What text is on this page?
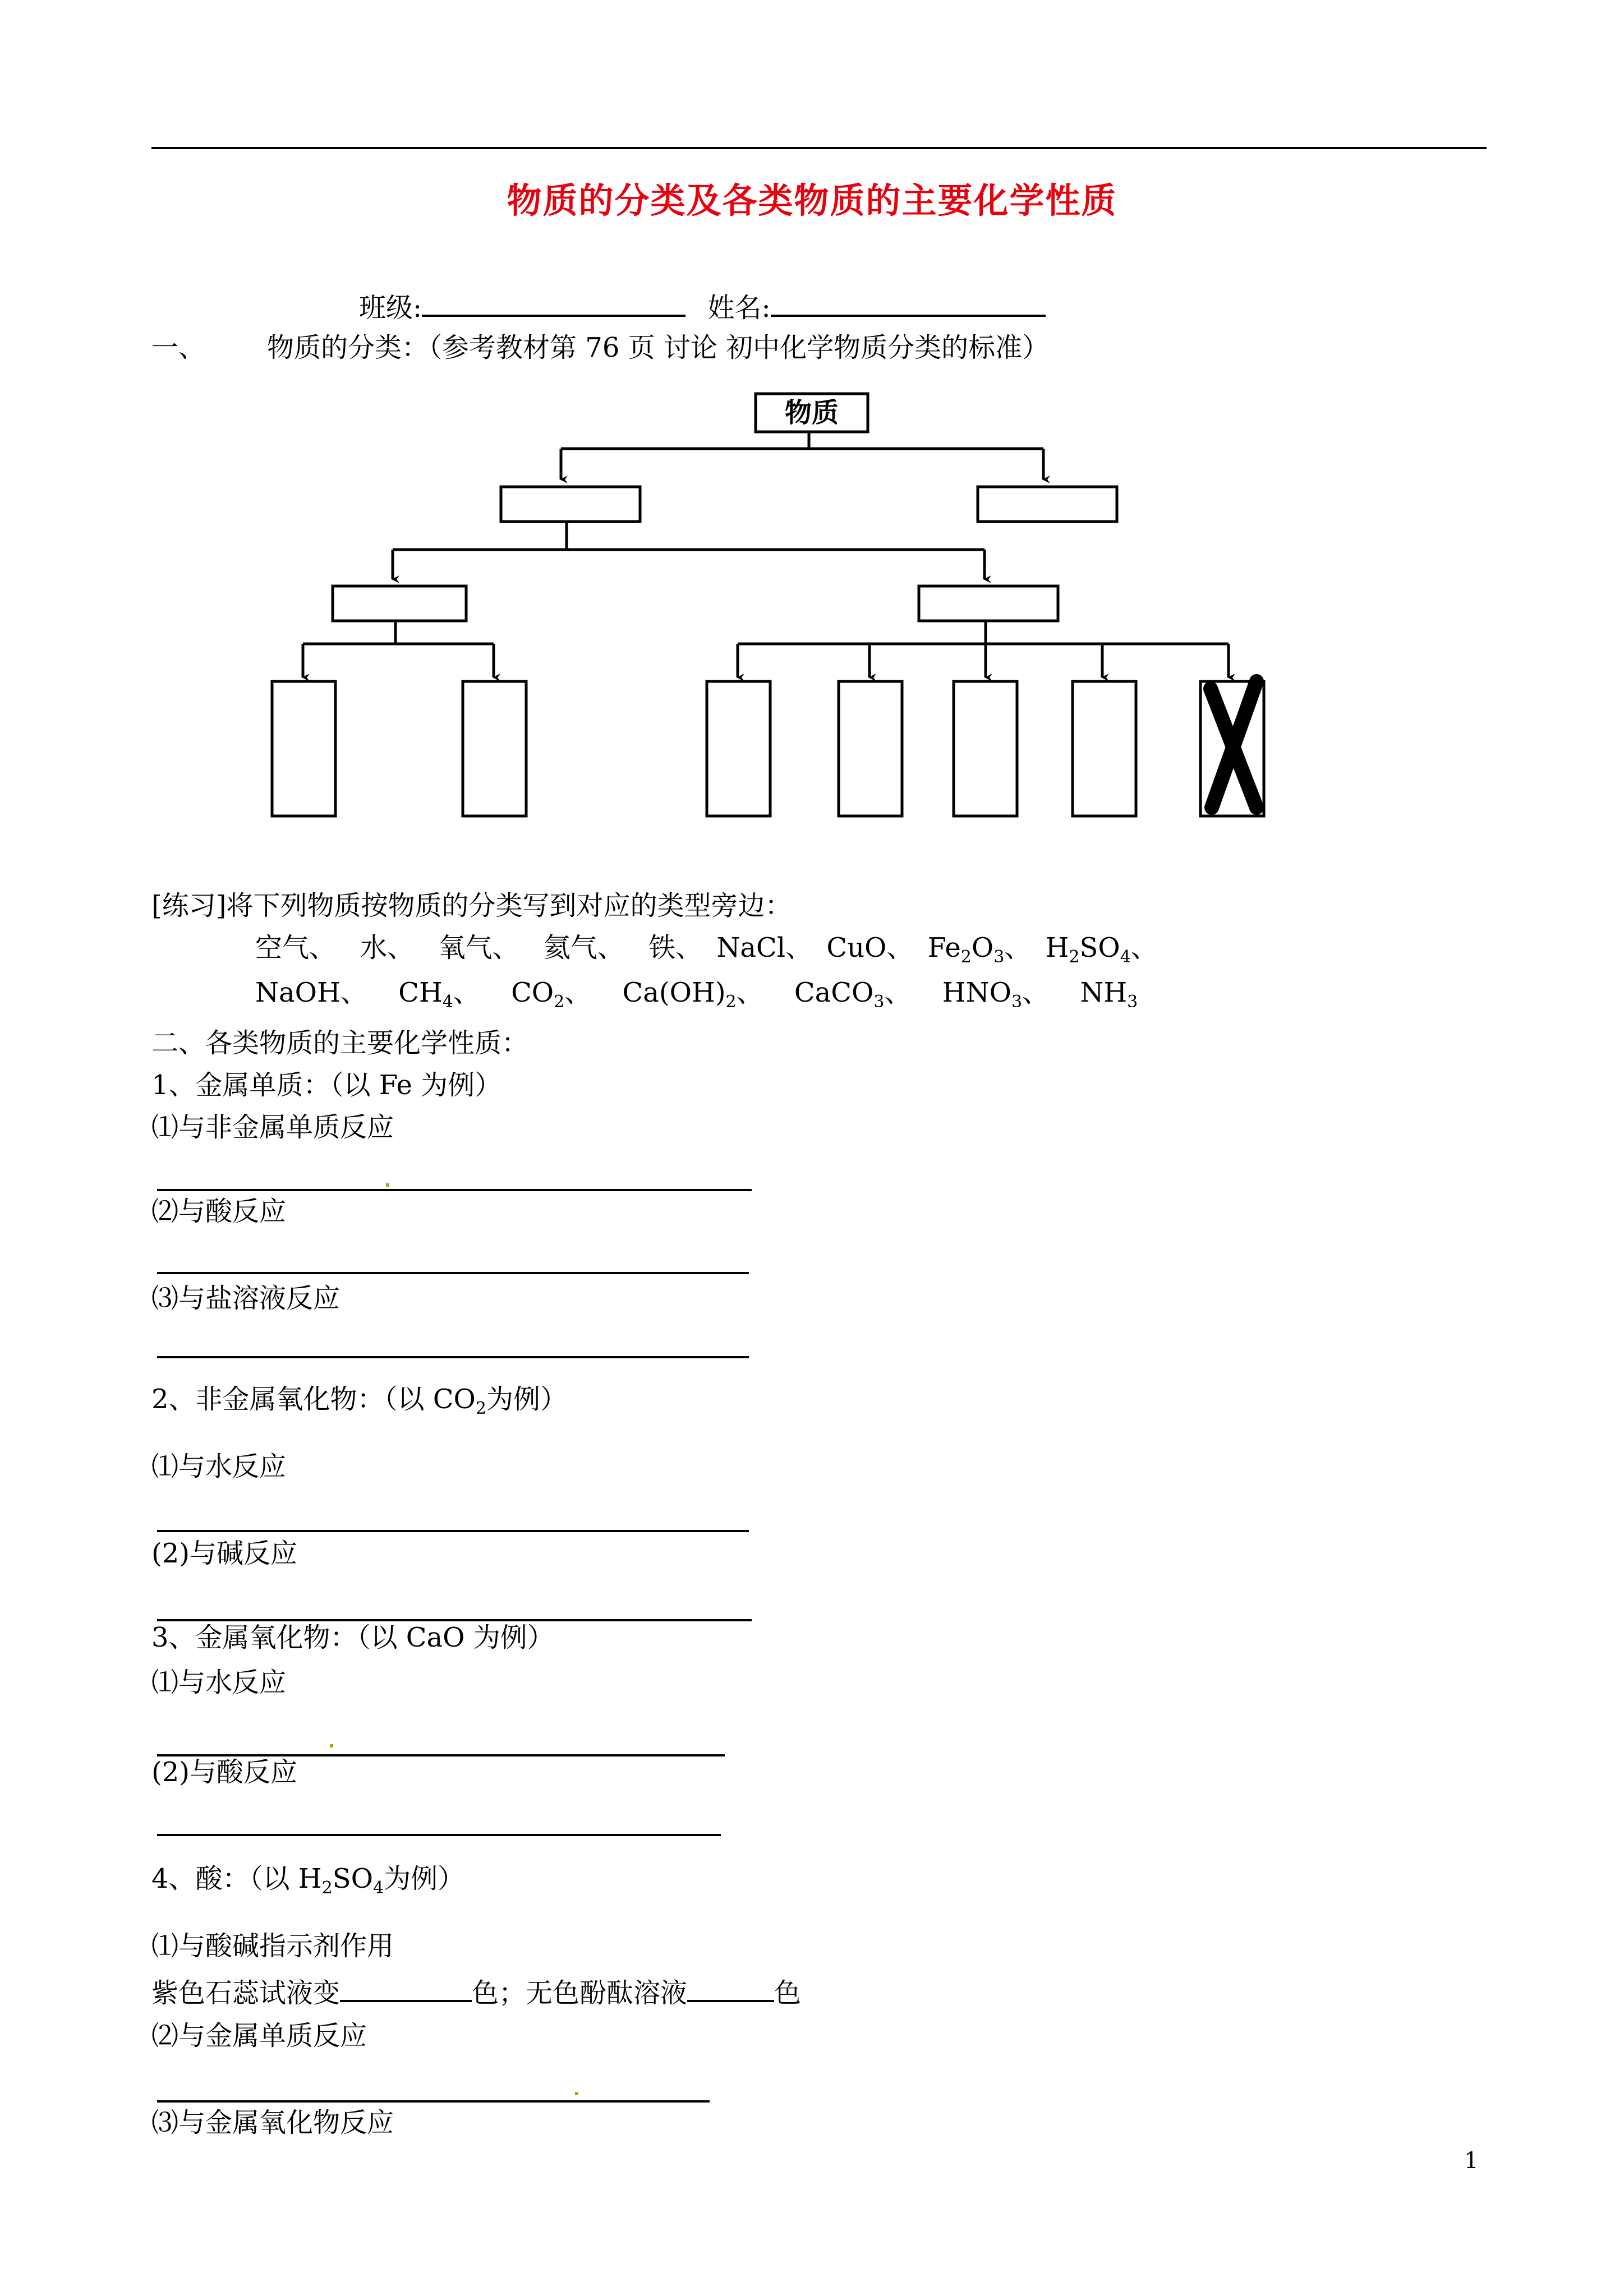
物质的分类及各类物质的主要化学性质
班级:	姓名:
一、 物质的分类：（参考教材第 76 页 讨论 初中化学物质分类的标准）
物质
[练习]将下列物质按物质的分类写到对应的类型旁边：
空气、 水、 氧气、 氦气、 铁、 NaCl、 CuO、 $Fe_2O_3$、 $H_2SO_4$、
NaOH、 $CH_4$、 $CO_2$、 $Ca(OH)_2$、 CaCO$_3$、 $HNO_3$、 $NH_3$
二、各类物质的主要化学性质：
1、金属单质：（以 Fe 为例）
⑴与非金属单质反应
⑵与酸反应
⑶与盐溶液反应
2、非金属氧化物：（以 $CO_2$为例）
⑴与水反应
(2)与碱反应
3、金属氧化物：（以 CaO 为例）
⑴与水反应
(2)与酸反应
4、酸：（以 $H_2SO_4$为例）
⑴与酸碱指示剂作用
紫色石蕊试液变	色；无色酚酞溶液	色
⑵与金属单质反应
⑶与金属氧化物反应
1
